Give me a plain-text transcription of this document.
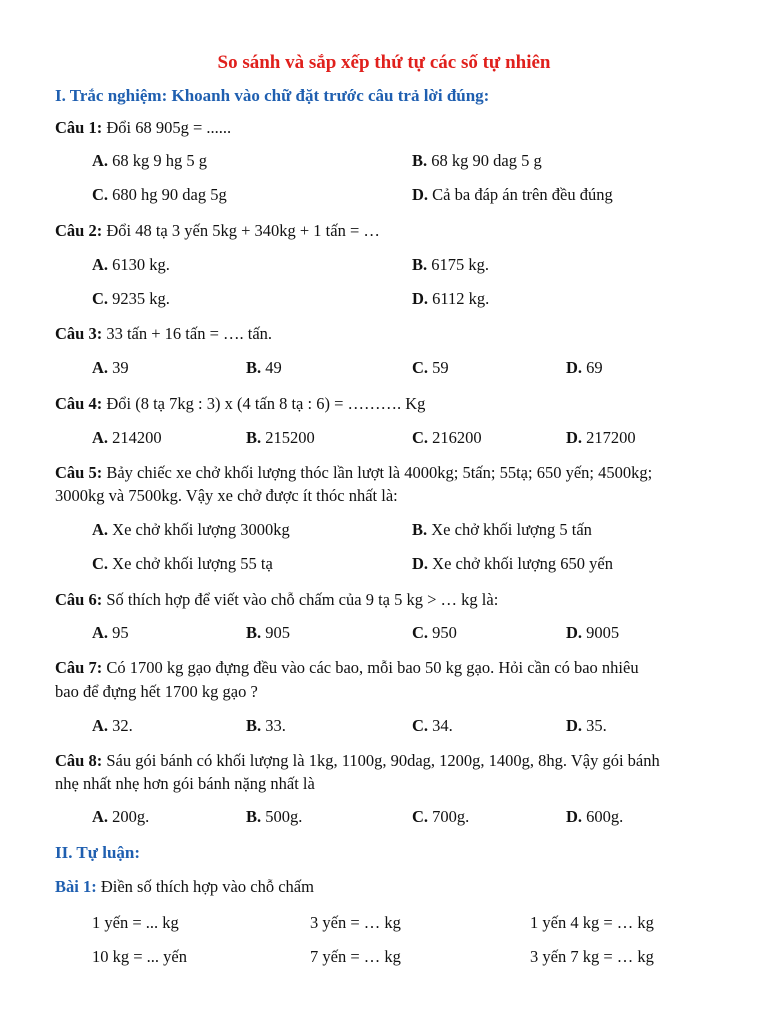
So sánh và sắp xếp thứ tự các số tự nhiên
I. Trắc nghiệm: Khoanh vào chữ đặt trước câu trả lời đúng:
Câu 1: Đổi 68 905g = ......
A. 68 kg 9 hg 5 g	B. 68 kg 90 dag 5 g
C. 680 hg 90 dag 5g	D. Cả ba đáp án trên đều đúng
Câu 2: Đổi 48 tạ 3 yến 5kg + 340kg + 1 tấn = …
A. 6130 kg.	B. 6175 kg.
C. 9235 kg.	D. 6112 kg.
Câu 3: 33 tấn + 16 tấn = …. tấn.
A. 39	B. 49	C. 59	D. 69
Câu 4: Đổi (8 tạ 7kg : 3) x (4 tấn 8 tạ : 6) = ………. Kg
A. 214200	B. 215200	C. 216200	D. 217200
Câu 5: Bảy chiếc xe chở khối lượng thóc lần lượt là 4000kg; 5tấn; 55tạ; 650 yến; 4500kg;
3000kg và 7500kg. Vậy xe chở được ít thóc nhất là:
A. Xe chở khối lượng 3000kg	B. Xe chở khối lượng 5 tấn
C. Xe chở khối lượng 55 tạ	D. Xe chở khối lượng 650 yến
Câu 6: Số thích hợp để viết vào chỗ chấm của 9 tạ 5 kg > … kg là:
A. 95	B. 905	C. 950	D. 9005
Câu 7: Có 1700 kg gạo đựng đều vào các bao, mỗi bao 50 kg gạo. Hỏi cần có bao nhiêu
bao để đựng hết 1700 kg gạo ?
A. 32.	B. 33.	C. 34.	D. 35.
Câu 8: Sáu gói bánh có khối lượng là 1kg, 1100g, 90dag, 1200g, 1400g, 8hg. Vậy gói bánh
nhẹ nhất nhẹ hơn gói bánh nặng nhất là
A. 200g.	B. 500g.	C. 700g.	D. 600g.
II. Tự luận:
Bài 1: Điền số thích hợp vào chỗ chấm
1 yến = ... kg	3 yến = … kg	1 yến 4 kg = … kg
10 kg = ... yến	7 yến = … kg	3 yến 7 kg = … kg
